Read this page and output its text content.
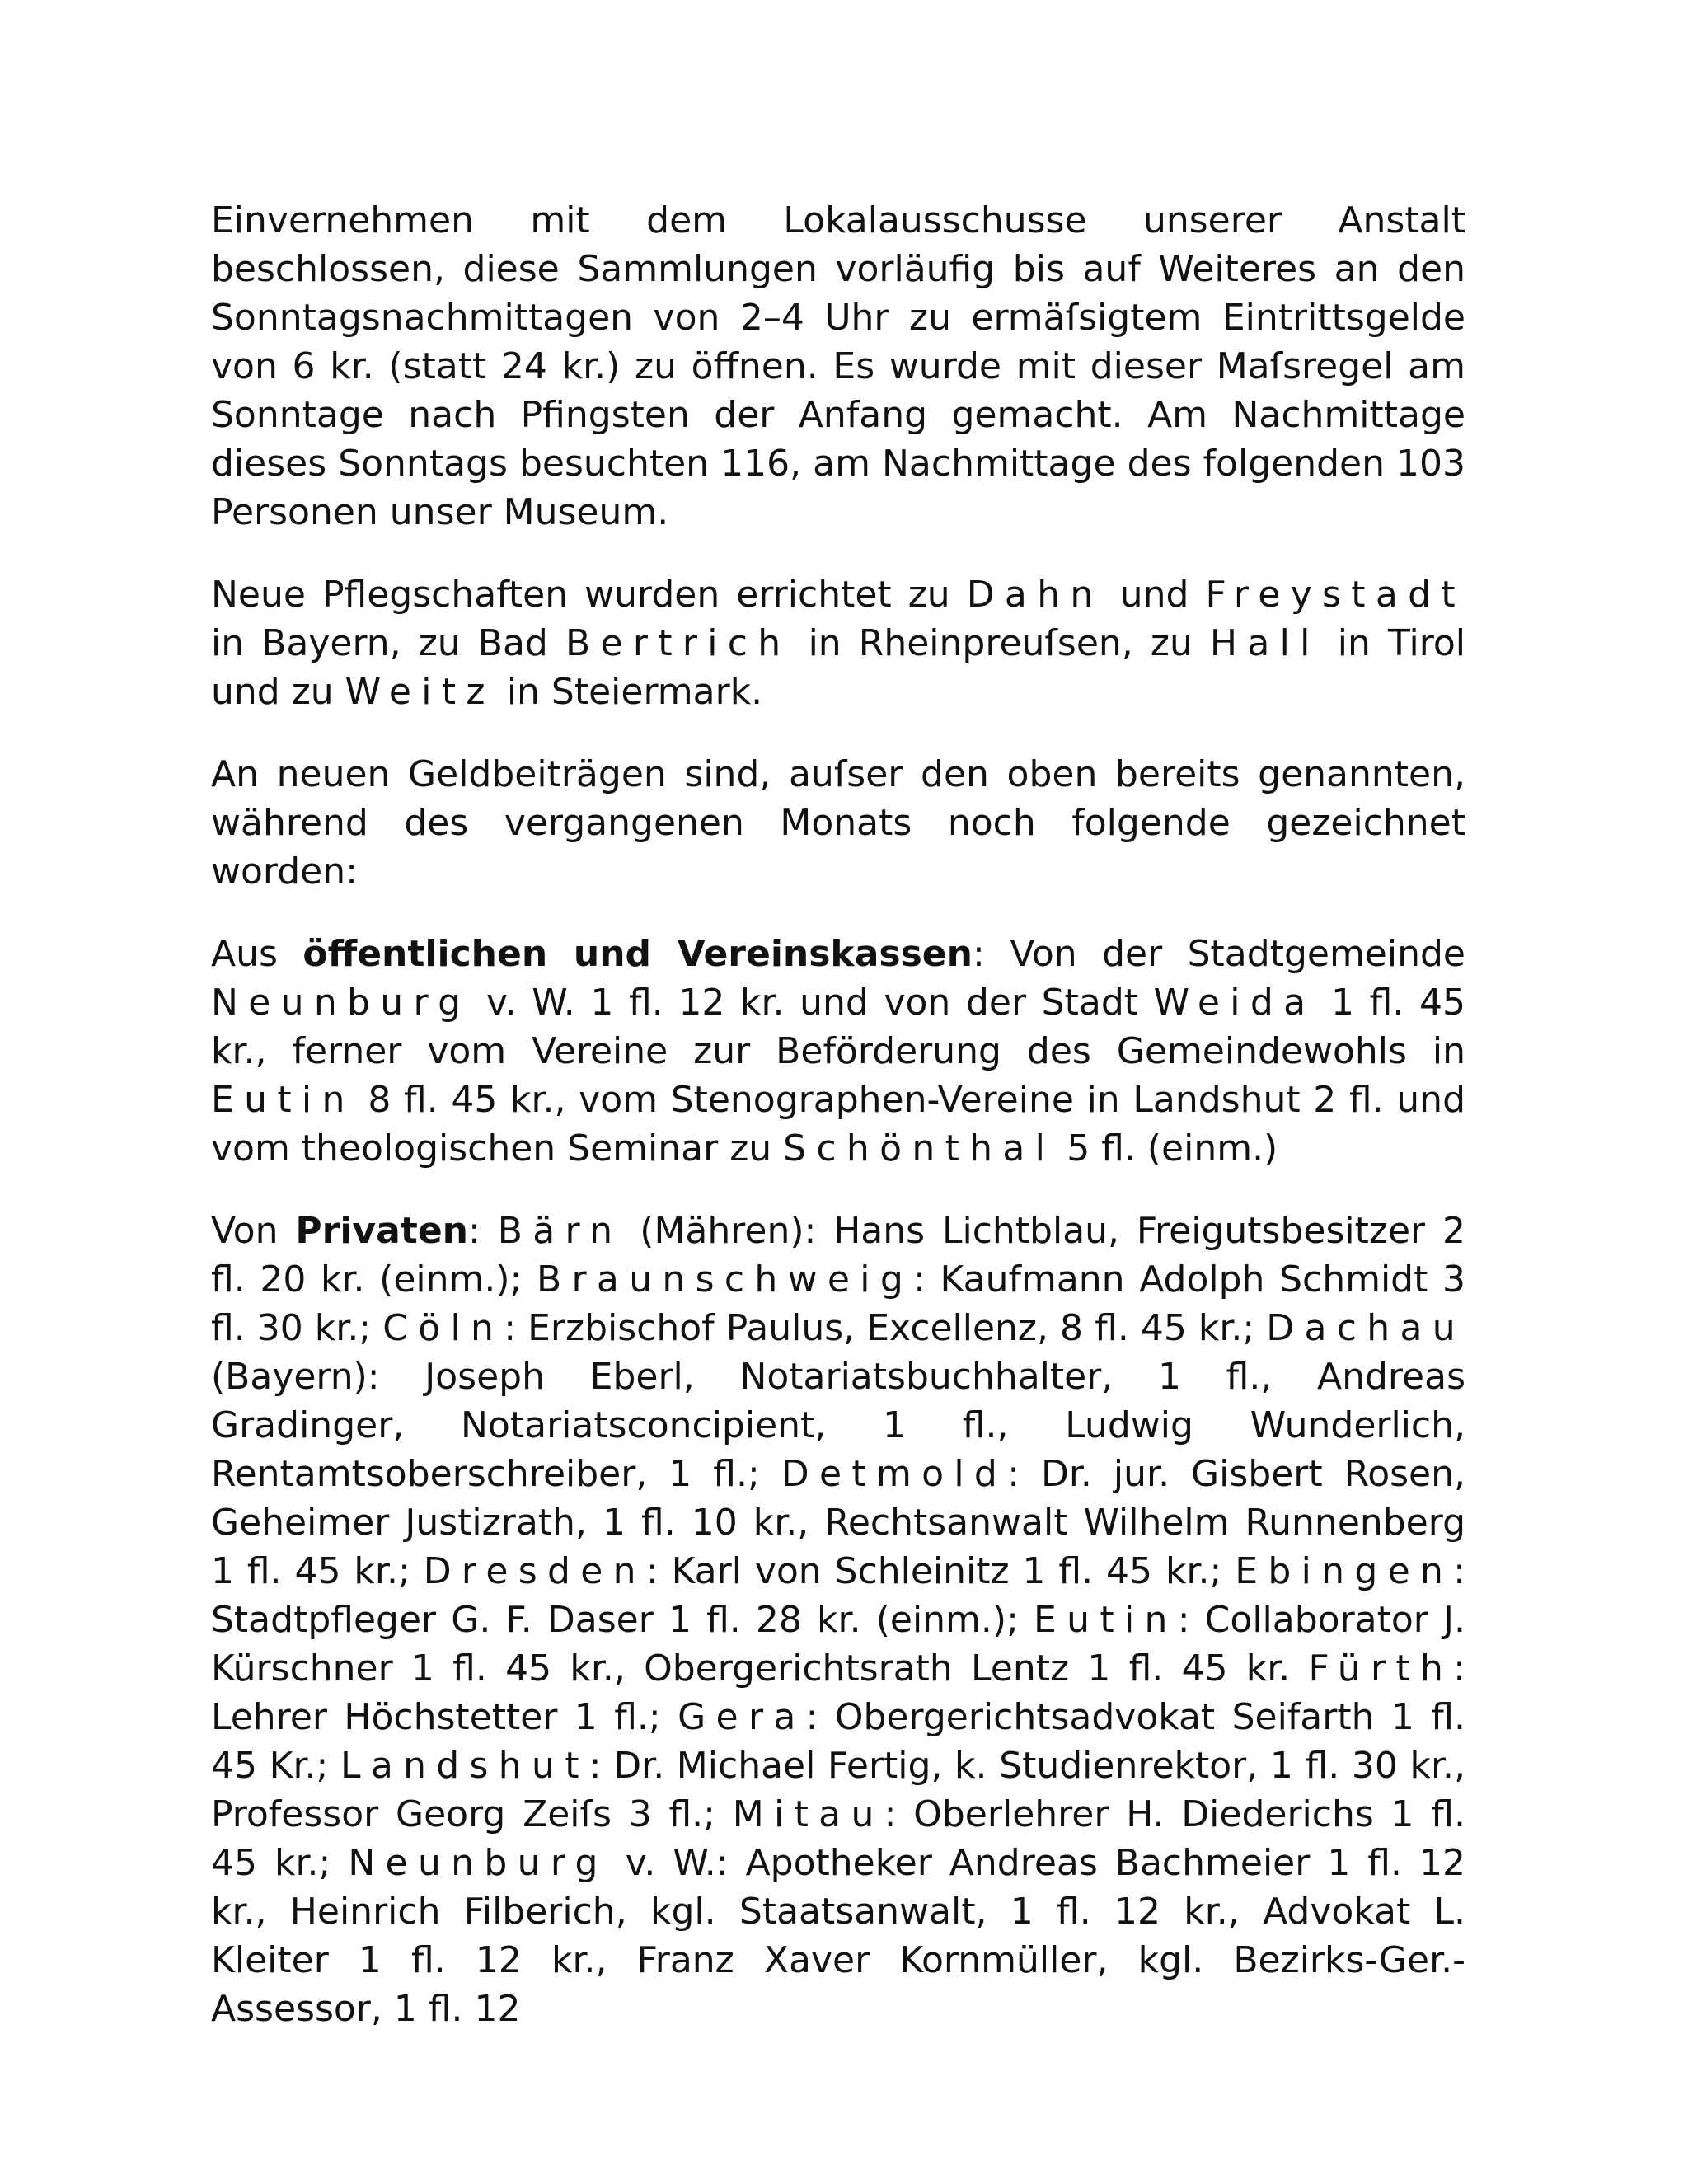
Einvernehmen mit dem Lokalausschusse unserer Anstalt beschlossen, diese Sammlungen vorläufig bis auf Weiteres an den Sonntagsnachmittagen von 2–4 Uhr zu ermäſsigtem Eintrittsgelde von 6 kr. (statt 24 kr.) zu öffnen. Es wurde mit dieser Maſsregel am Sonntage nach Pfingsten der Anfang gemacht. Am Nachmittage dieses Sonntags besuchten 116, am Nachmittage des folgenden 103 Personen unser Museum.

Neue Pflegschaften wurden errichtet zu Dahn und Freystadt in Bayern, zu Bad Bertrich in Rheinpreuſsen, zu Hall in Tirol und zu Weitz in Steiermark.

An neuen Geldbeiträgen sind, auſser den oben bereits genannten, während des vergangenen Monats noch folgende gezeichnet worden:

Aus öffentlichen und Vereinskassen: Von der Stadtgemeinde Neunburg v. W. 1 fl. 12 kr. und von der Stadt Weida 1 fl. 45 kr., ferner vom Vereine zur Beförderung des Gemeindewohls in Eutin 8 fl. 45 kr., vom Stenographen-Vereine in Landshut 2 fl. und vom theologischen Seminar zu Schönthal 5 fl. (einm.)

Von Privaten: Bärn (Mähren): Hans Lichtblau, Freigutsbesitzer 2 fl. 20 kr. (einm.); Braunschweig: Kaufmann Adolph Schmidt 3 fl. 30 kr.; Cöln: Erzbischof Paulus, Excellenz, 8 fl. 45 kr.; Dachau (Bayern): Joseph Eberl, Notariatsbuchhalter, 1 fl., Andreas Gradinger, Notariatsconcipient, 1 fl., Ludwig Wunderlich, Rentamtsoberschreiber, 1 fl.; Detmold: Dr. jur. Gisbert Rosen, Geheimer Justizrath, 1 fl. 10 kr., Rechtsanwalt Wilhelm Runnenberg 1 fl. 45 kr.; Dresden: Karl von Schleinitz 1 fl. 45 kr.; Ebingen: Stadtpfleger G. F. Daser 1 fl. 28 kr. (einm.); Eutin: Collaborator J. Kürschner 1 fl. 45 kr., Obergerichtsrath Lentz 1 fl. 45 kr. Fürth: Lehrer Höchstetter 1 fl.; Gera: Obergerichtsadvokat Seifarth 1 fl. 45 Kr.; Landshut: Dr. Michael Fertig, k. Studienrektor, 1 fl. 30 kr., Professor Georg Zeiſs 3 fl.; Mitau: Oberlehrer H. Diederichs 1 fl. 45 kr.; Neunburg v. W.: Apotheker Andreas Bachmeier 1 fl. 12 kr., Heinrich Filberich, kgl. Staatsanwalt, 1 fl. 12 kr., Advokat L. Kleiter 1 fl. 12 kr., Franz Xaver Kornmüller, kgl. Bezirks-Ger.-Assessor, 1 fl. 12
